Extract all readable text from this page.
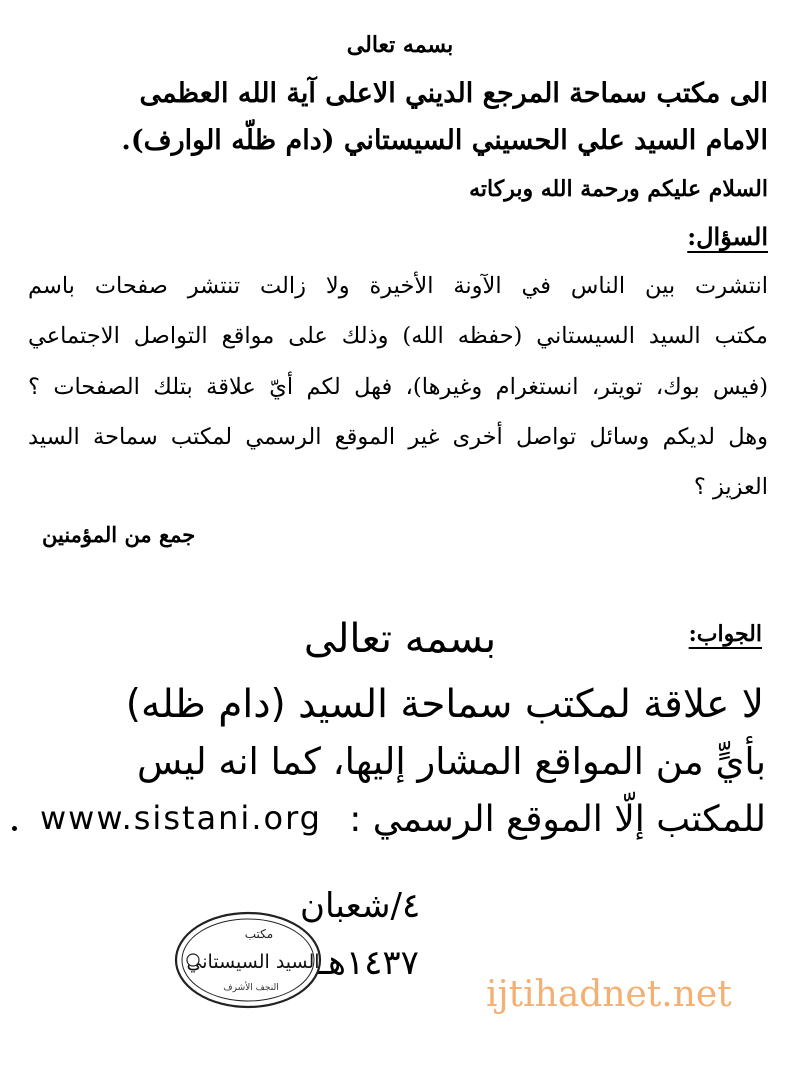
بسمه تعالى
الى مكتب سماحة المرجع الديني الاعلى آية الله العظمى
الامام السيد علي الحسيني السيستاني (دام ظلّه الوارف).
السلام عليكم ورحمة الله وبركاته
السؤال:
انتشرت بين الناس في الآونة الأخيرة ولا زالت تنتشر صفحات باسم
مكتب السيد السيستاني (حفظه الله) وذلك على مواقع التواصل الاجتماعي
(فيس بوك، تويتر، انستغرام وغيرها)، فهل لكم أيّ علاقة بتلك الصفحات ؟
وهل لديكم وسائل تواصل أخرى غير الموقع الرسمي لمكتب سماحة السيد
العزيز ؟
جمع من المؤمنين
الجواب:
بسمه تعالى
لا علاقة لمكتب سماحة السيد (دام ظله)
بأيٍّ من المواقع المشار إليها، كما انه ليس
للمكتب إلّا الموقع الرسمي :
www.sistani.org
٤/شعبان
١٤٣٧هـ
مكتب
السيد السيستاني
النجف الأشرف	ijtihadnet.net
